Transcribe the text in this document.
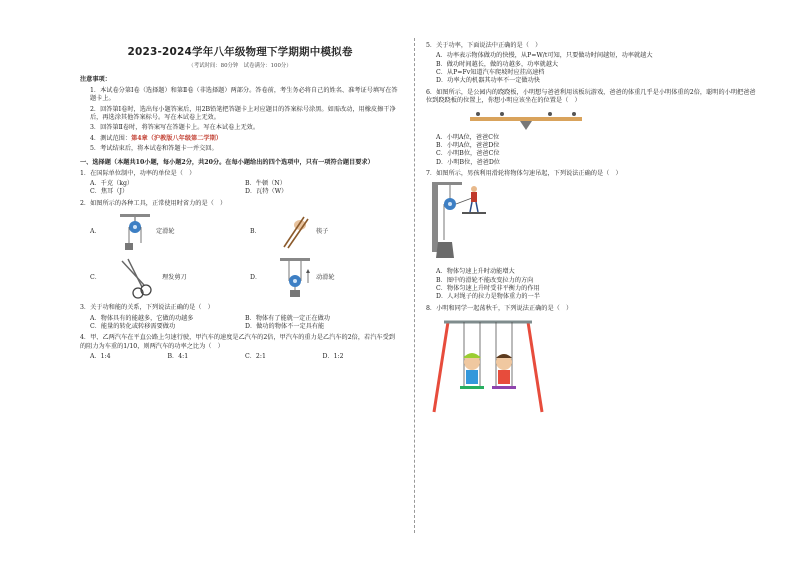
2023-2024学年八年级物理下学期期中模拟卷
（考试时间：80分钟　试卷满分：100分）
注意事项：
1．本试卷分第Ⅰ卷（选择题）和第Ⅱ卷（非选择题）两部分。答卷前，考生务必将自己的姓名、准考证号填写在答题卡上。
2．回答第Ⅰ卷时，选出每小题答案后，用2B铅笔把答题卡上对应题目的答案标号涂黑。如需改动，用橡皮擦干净后，再选涂其他答案标号。写在本试卷上无效。
3．回答第Ⅱ卷时，将答案写在答题卡上。写在本试卷上无效。
4．测试范围：第4章（沪教版八年级第二学期）
5．考试结束后，将本试卷和答题卡一并交回。
一、选择题（本题共10小题，每小题2分，共20分。在每小题给出的四个选项中，只有一项符合题目要求）
1．在国际单位制中，功率的单位是（　）
A．千克（kg）	B．牛顿（N）
C．焦耳（J）	D．瓦特（W）
2．如图所示的各种工具，正常使用时省力的是（　）
A．	定滑轮	B．	筷子
C．	理发剪刀	D．	动滑轮
3．关于功和能的关系，下列说法正确的是（　）
A．物体具有的能越多，它做的功越多	B．物体有了能就一定正在做功
C．能量的转化或转移需要做功	D．做功的物体不一定具有能
4．甲、乙两汽车在平直公路上匀速行驶，甲汽车的速度是乙汽车的2倍，甲汽车的重力是乙汽车的2倍，若汽车受到的阻力为车重的1/10，则两汽车的功率之比为（　）
A．1:4	B．4:1	C．2:1	D．1:2
5．关于功率，下面说法中正确的是（　）
A．功率表示物体做功的快慢，从P=W/t可知，只要做功时间越短，功率就越大
B．做功时间越长，做的功越多，功率就越大
C．从P=Fv知道汽车爬坡时应挂高速档
D．功率大的机器其功率不一定做功快
6．如图所示，是公园内的跷跷板，小明想与爸爸利用该板玩游戏，爸爸的体重几乎是小明体重的2倍，聪明的小明把爸爸位到跷跷板的位置上，你想小明应该坐在的位置是（　）
A．小明A位，爸爸C位
B．小明A位，爸爸D位
C．小明B位，爸爸C位
D．小明B位，爸爸D位
7．如图所示，男孩利用滑轮将物体匀速吊起，下列说法正确的是（　）
A．物体匀速上升时动能增大
B．图中的滑轮不能改变拉力的方向
C．物体匀速上升时受非平衡力的作用
D．人对绳子的拉力是物体重力的一半
8．小明和同学一起荡秋千，下列说法正确的是（　）
